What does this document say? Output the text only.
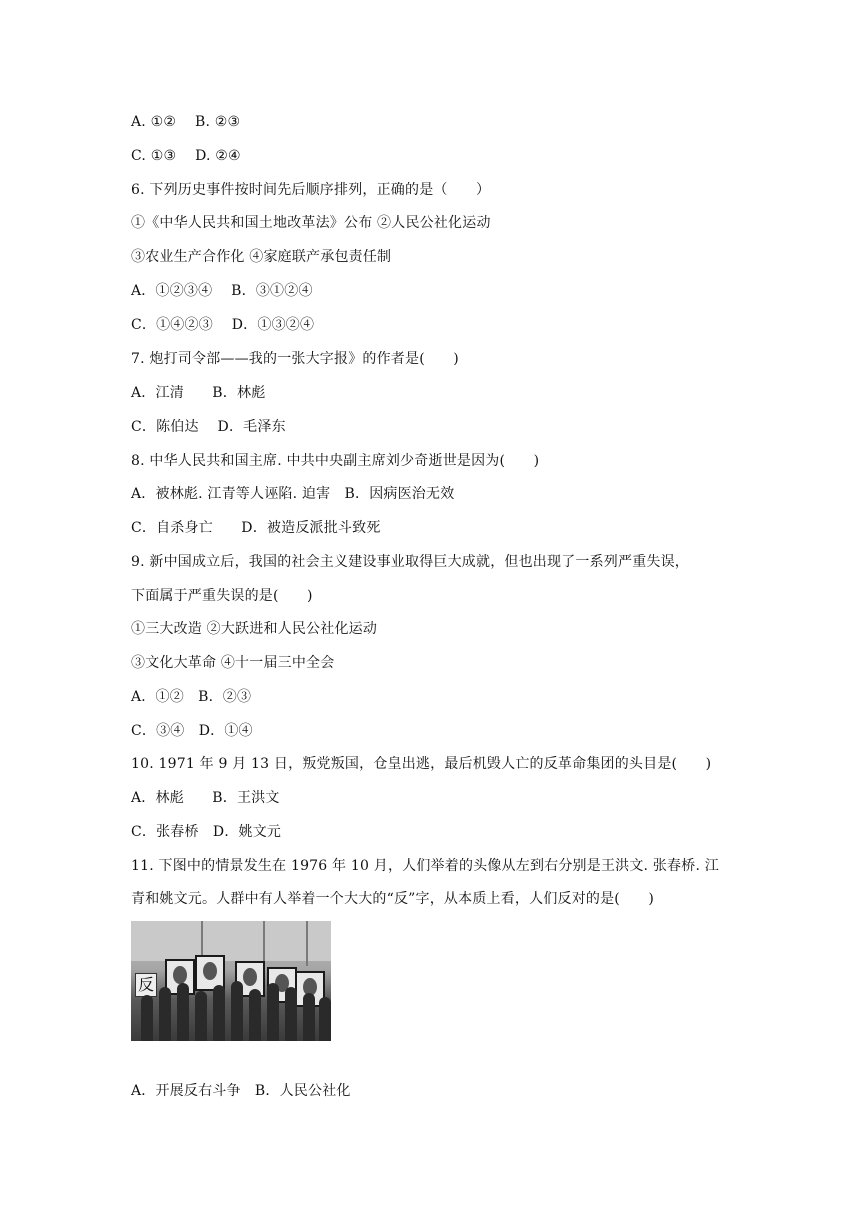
A. ①②　 B. ②③
C. ①③　 D. ②④
6. 下列历史事件按时间先后顺序排列，正确的是（　　）
①《中华人民共和国土地改革法》公布 ②人民公社化运动
③农业生产合作化 ④家庭联产承包责任制
A．①②③④　 B．③①②④
C．①④②③　 D．①③②④
7. 炮打司令部——我的一张大字报》的作者是(　　)
A．江清　　B．林彪
C．陈伯达　 D．毛泽东
8. 中华人民共和国主席. 中共中央副主席刘少奇逝世是因为(　　)
A．被林彪. 江青等人诬陷. 迫害　B．因病医治无效
C．自杀身亡　　D．被造反派批斗致死
9. 新中国成立后，我国的社会主义建设事业取得巨大成就，但也出现了一系列严重失误，
下面属于严重失误的是(　　)
①三大改造 ②大跃进和人民公社化运动
③文化大革命 ④十一届三中全会
A．①②　B．②③
C．③④　D．①④
10. 1971 年 9 月 13 日，叛党叛国，仓皇出逃，最后机毁人亡的反革命集团的头目是(　　)
A．林彪　　B．王洪文
C．张春桥　D．姚文元
11. 下图中的情景发生在 1976 年 10 月，人们举着的头像从左到右分别是王洪文. 张春桥. 江
青和姚文元。人群中有人举着一个大大的“反”字，从本质上看，人们反对的是(　　)
反
A．开展反右斗争　B．人民公社化
